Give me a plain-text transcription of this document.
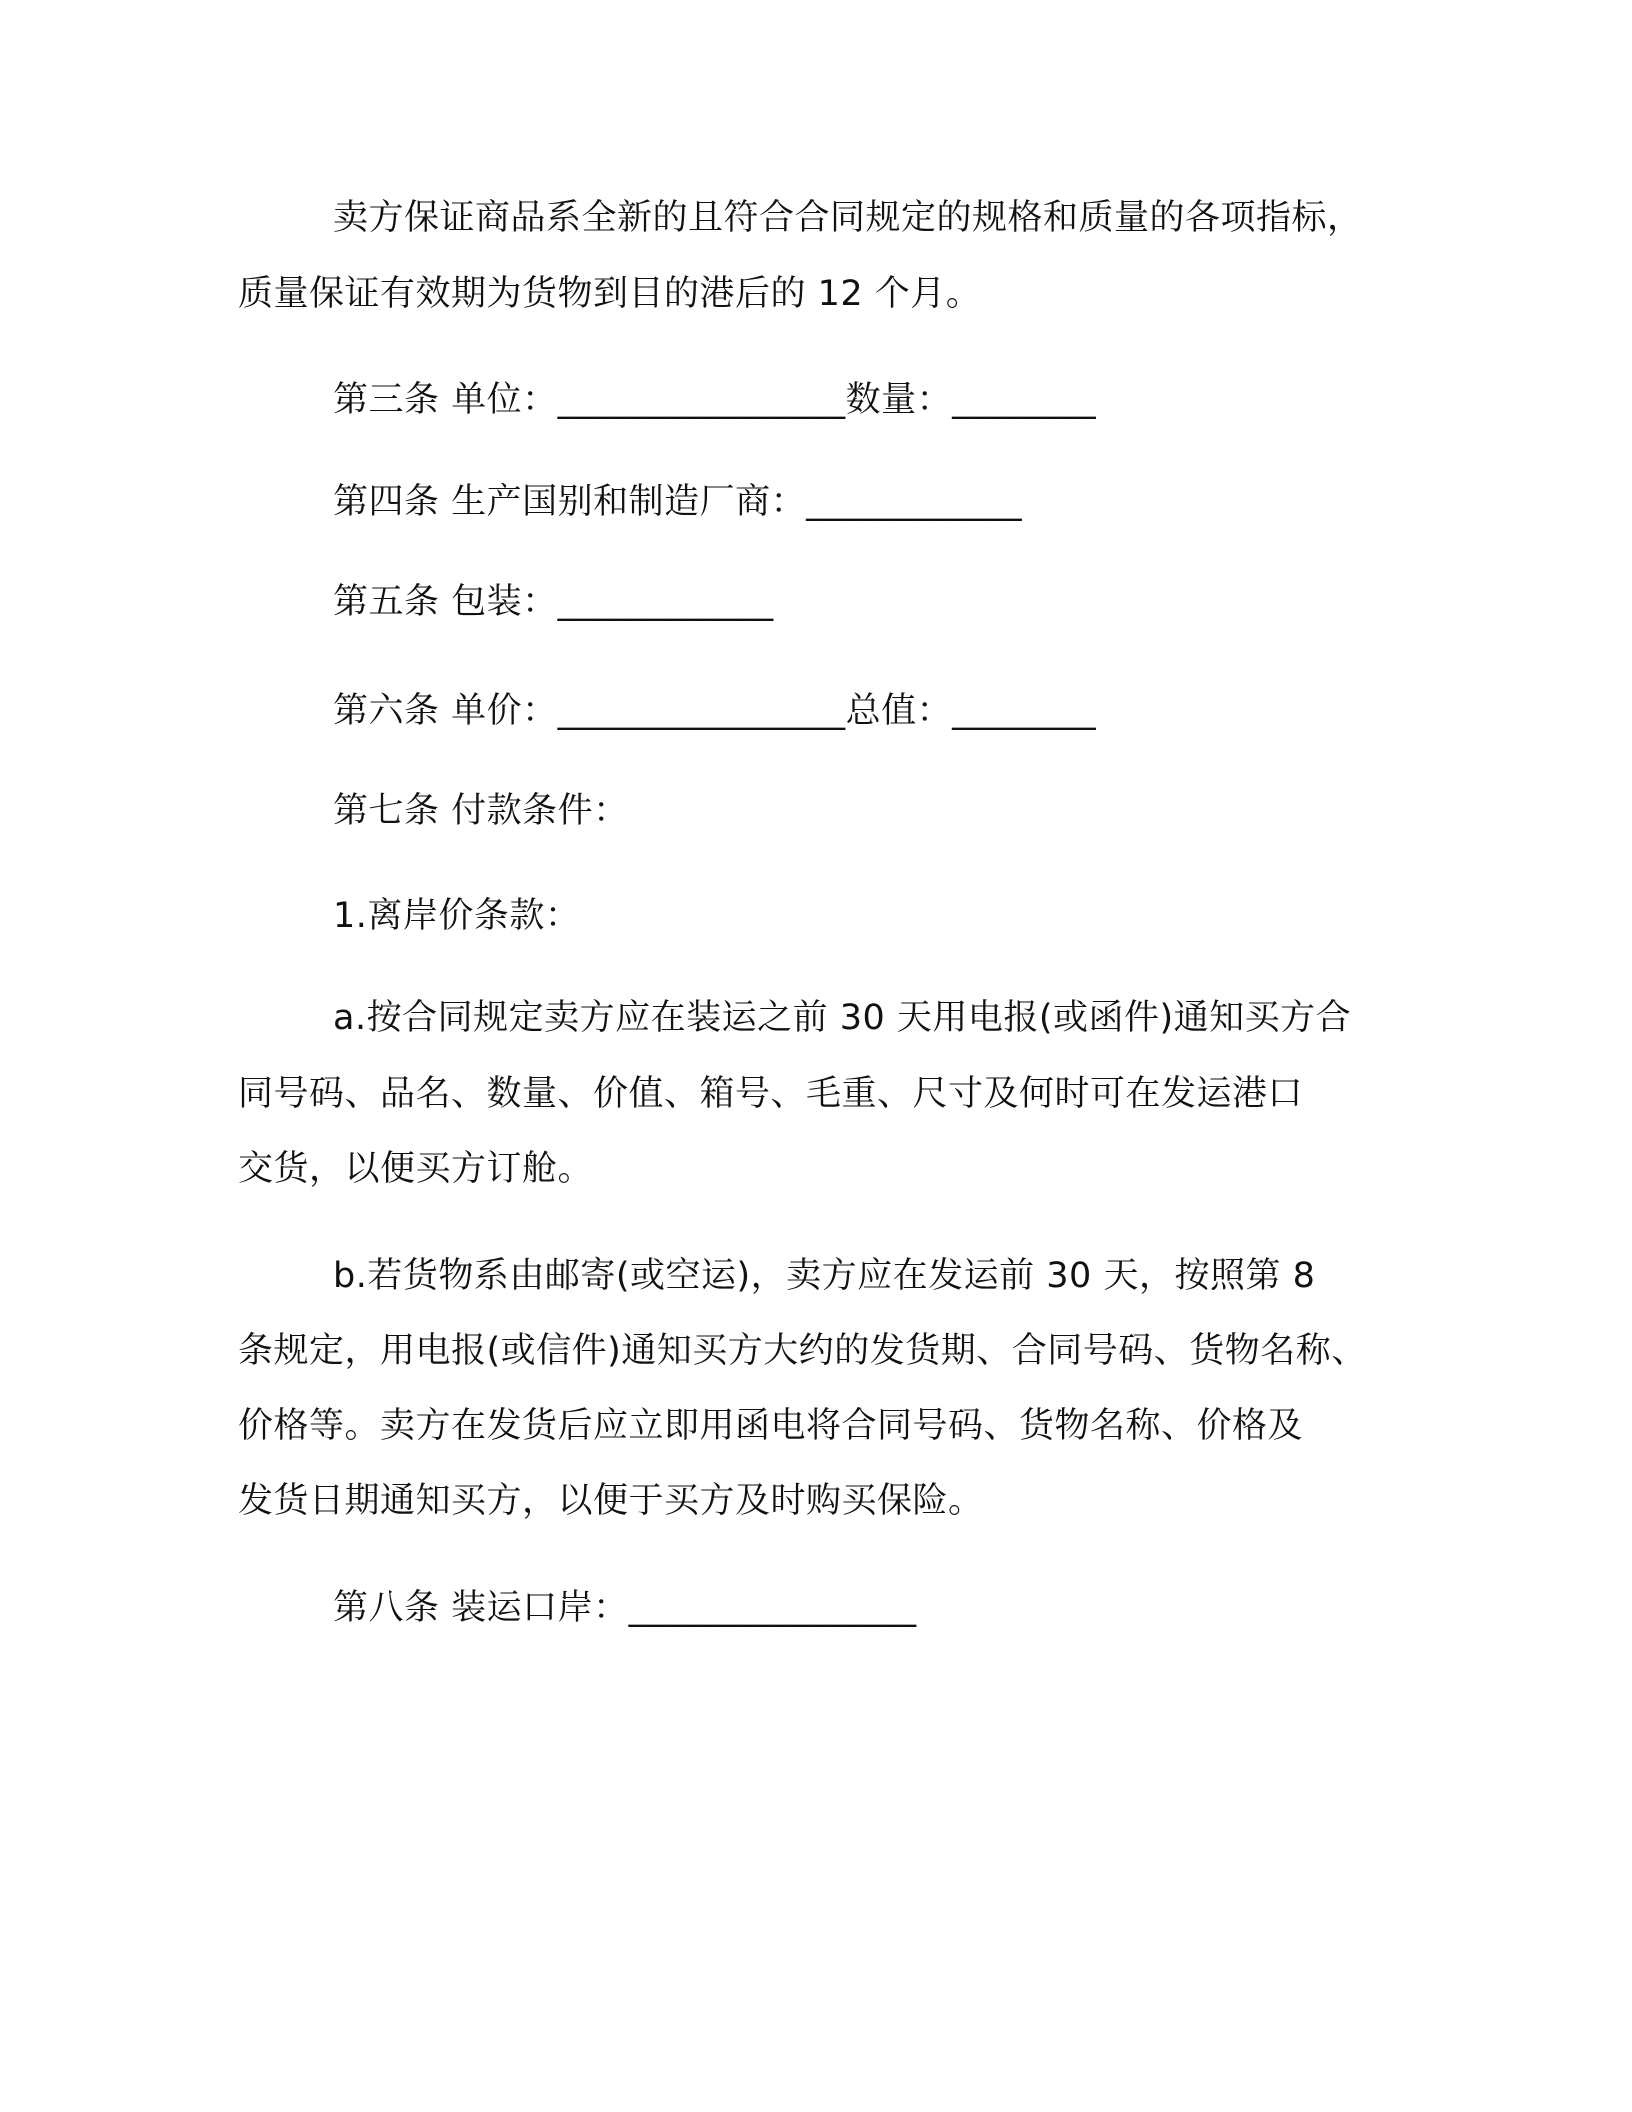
卖方保证商品系全新的且符合合同规定的规格和质量的各项指标，
质量保证有效期为货物到目的港后的 12 个月。
第三条 单位：________________数量：________
第四条 生产国别和制造厂商：____________
第五条 包装：____________
第六条 单价：________________总值：________
第七条 付款条件：
1.离岸价条款：
a.按合同规定卖方应在装运之前 30 天用电报(或函件)通知买方合
同号码、品名、数量、价值、箱号、毛重、尺寸及何时可在发运港口
交货，以便买方订舱。
b.若货物系由邮寄(或空运)，卖方应在发运前 30 天，按照第 8
条规定，用电报(或信件)通知买方大约的发货期、合同号码、货物名称、
价格等。卖方在发货后应立即用函电将合同号码、货物名称、价格及
发货日期通知买方，以便于买方及时购买保险。
第八条 装运口岸：________________
